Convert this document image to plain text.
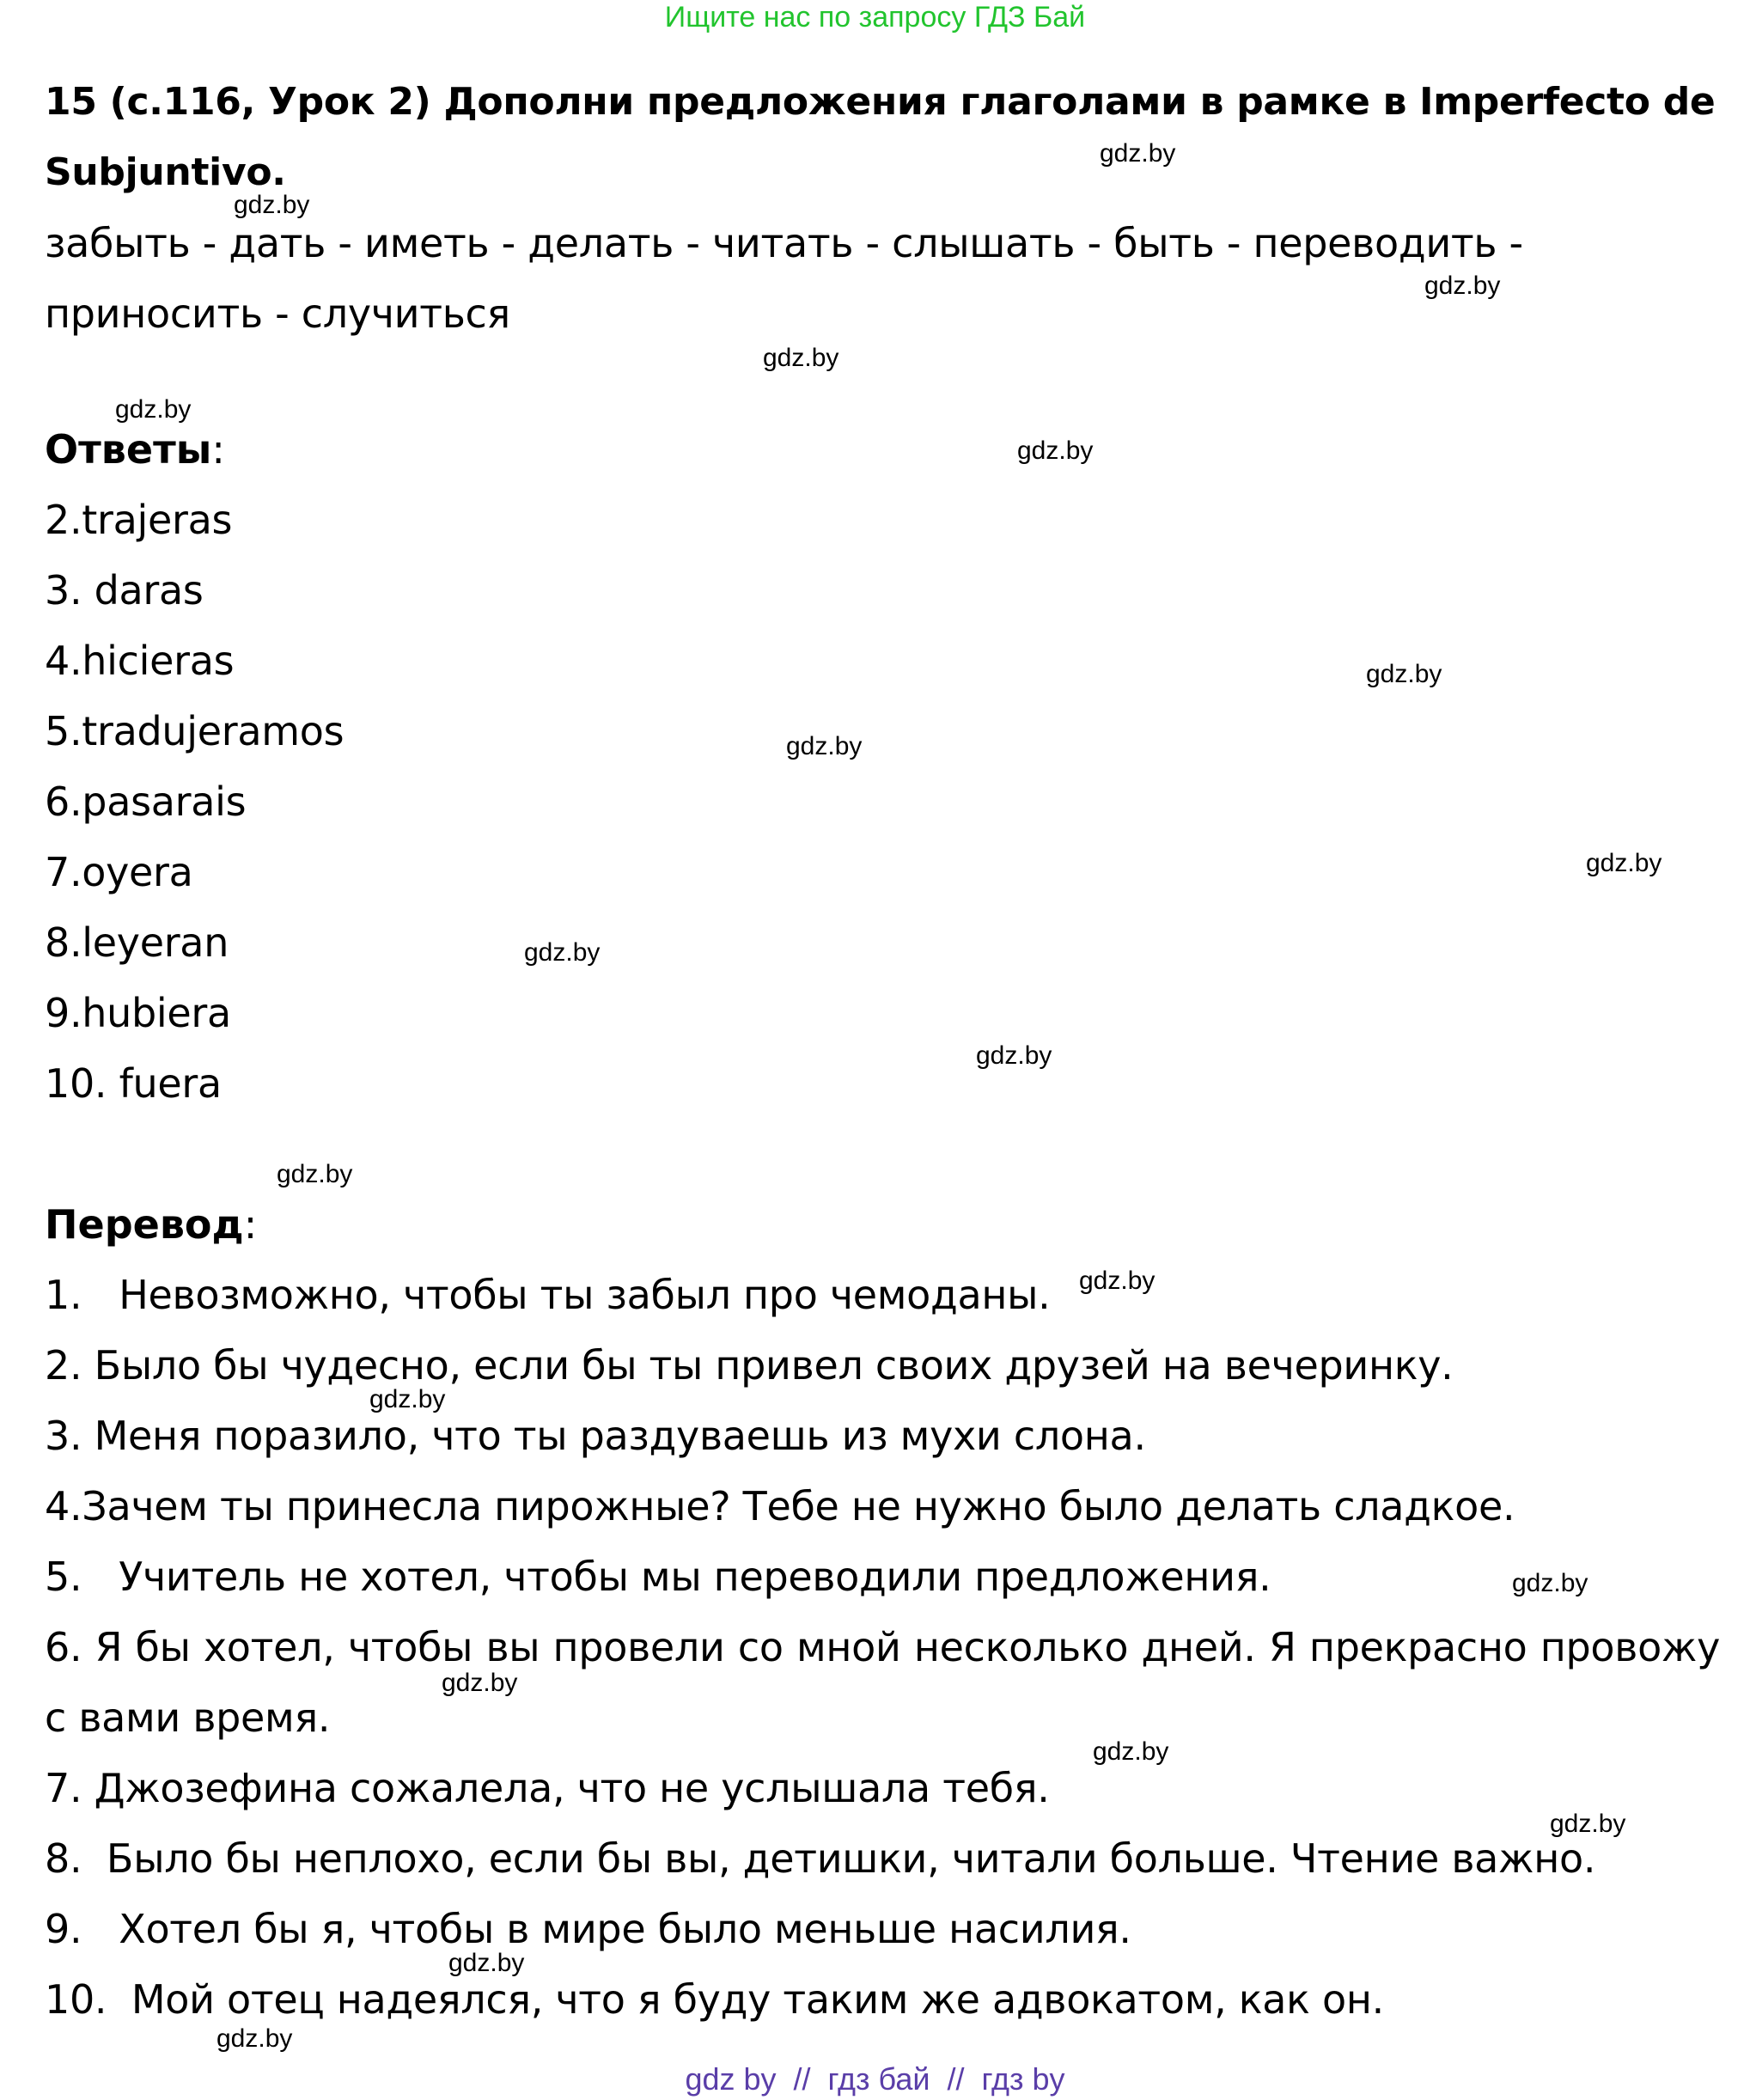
Ищите нас по запросу ГДЗ Бай

15 (с.116, Урок 2) Дополни предложения глаголами в рамке в Imperfecto de Subjuntivo.

забыть - дать - иметь - делать - читать - слышать - быть - переводить - приносить - случиться

Ответы:

2.trajeras
3. daras
4.hicieras
5.tradujeramos
6.pasarais
7.oyera
8.leyeran
9.hubiera
10. fuera

Перевод:

1.   Невозможно, чтобы ты забыл про чемоданы.
2. Было бы чудесно, если бы ты привел своих друзей на вечеринку.
3. Меня поразило, что ты раздуваешь из мухи слона.
4.Зачем ты принесла пирожные? Тебе не нужно было делать сладкое.
5.   Учитель не хотел, чтобы мы переводили предложения.
6. Я бы хотел, чтобы вы провели со мной несколько дней. Я прекрасно провожу с вами время.
7. Джозефина сожалела, что не услышала тебя.
8.  Было бы неплохо, если бы вы, детишки, читали больше. Чтение важно.
9.   Хотел бы я, чтобы в мире было меньше насилия.
10.  Мой отец надеялся, что я буду таким же адвокатом, как он.
gdz.by
gdz.by
gdz.by
gdz.by
gdz.by
gdz.by
gdz.by
gdz.by
gdz.by
gdz.by
gdz.by
gdz.by
gdz.by
gdz.by
gdz.by
gdz.by
gdz.by
gdz.by
gdz.by
gdz.by
gdz by  //  гдз бай  //  гдз by
